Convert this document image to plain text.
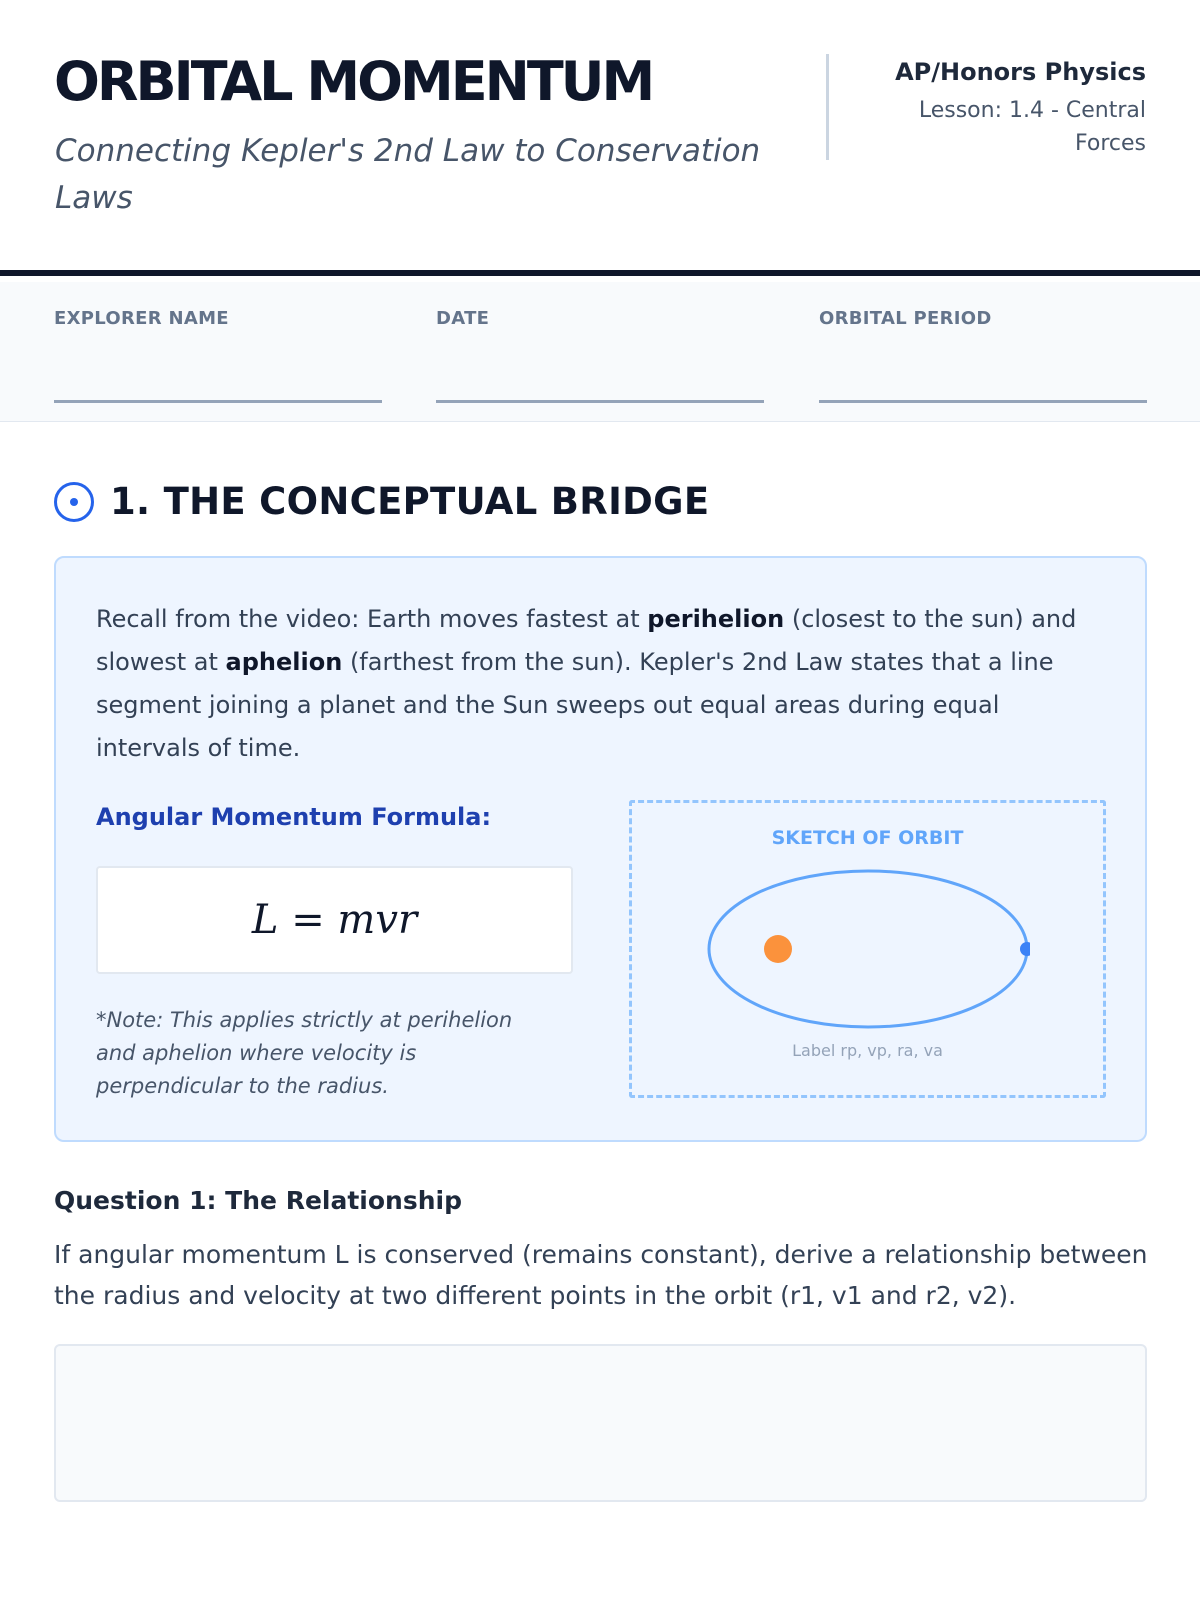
ORBITAL MOMENTUM
Connecting Kepler's 2nd Law to Conservation Laws
AP/Honors Physics
Lesson: 1.4 - Central Forces
EXPLORER NAME	DATE	ORBITAL PERIOD
1. THE CONCEPTUAL BRIDGE

Recall from the video: Earth moves fastest at perihelion (closest to the sun) and slowest at aphelion (farthest from the sun). Kepler's 2nd Law states that a line segment joining a planet and the Sun sweeps out equal areas during equal intervals of time.

Angular Momentum Formula:
L = mvr
*Note: This applies strictly at perihelion and aphelion where velocity is perpendicular to the radius.
SKETCH OF ORBIT
Label rp, vp, ra, va
Question 1: The Relationship

If angular momentum L is conserved (remains constant), derive a relationship between the radius and velocity at two different points in the orbit (r1, v1 and r2, v2).
